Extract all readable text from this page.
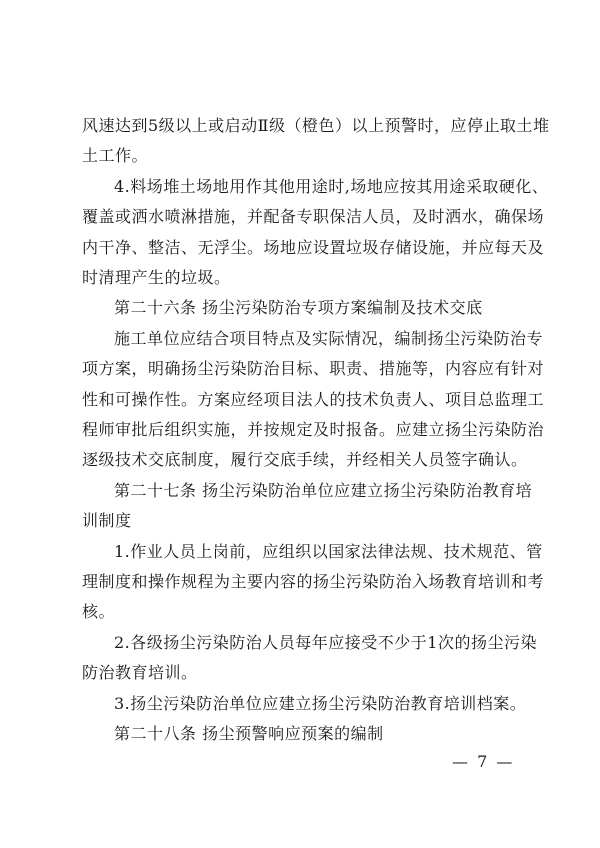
风速达到5级以上或启动Ⅱ级（橙色）以上预警时，应停止取土堆
土工作。
4.料场堆土场地用作其他用途时,场地应按其用途采取硬化、
覆盖或洒水喷淋措施，并配备专职保洁人员，及时洒水，确保场
内干净、整洁、无浮尘。场地应设置垃圾存储设施，并应每天及
时清理产生的垃圾。
第二十六条 扬尘污染防治专项方案编制及技术交底
施工单位应结合项目特点及实际情况，编制扬尘污染防治专
项方案，明确扬尘污染防治目标、职责、措施等，内容应有针对
性和可操作性。方案应经项目法人的技术负责人、项目总监理工
程师审批后组织实施，并按规定及时报备。应建立扬尘污染防治
逐级技术交底制度，履行交底手续，并经相关人员签字确认。
第二十七条 扬尘污染防治单位应建立扬尘污染防治教育培
训制度
1.作业人员上岗前，应组织以国家法律法规、技术规范、管
理制度和操作规程为主要内容的扬尘污染防治入场教育培训和考
核。
2.各级扬尘污染防治人员每年应接受不少于1次的扬尘污染
防治教育培训。
3.扬尘污染防治单位应建立扬尘污染防治教育培训档案。
第二十八条 扬尘预警响应预案的编制
— 7 —
